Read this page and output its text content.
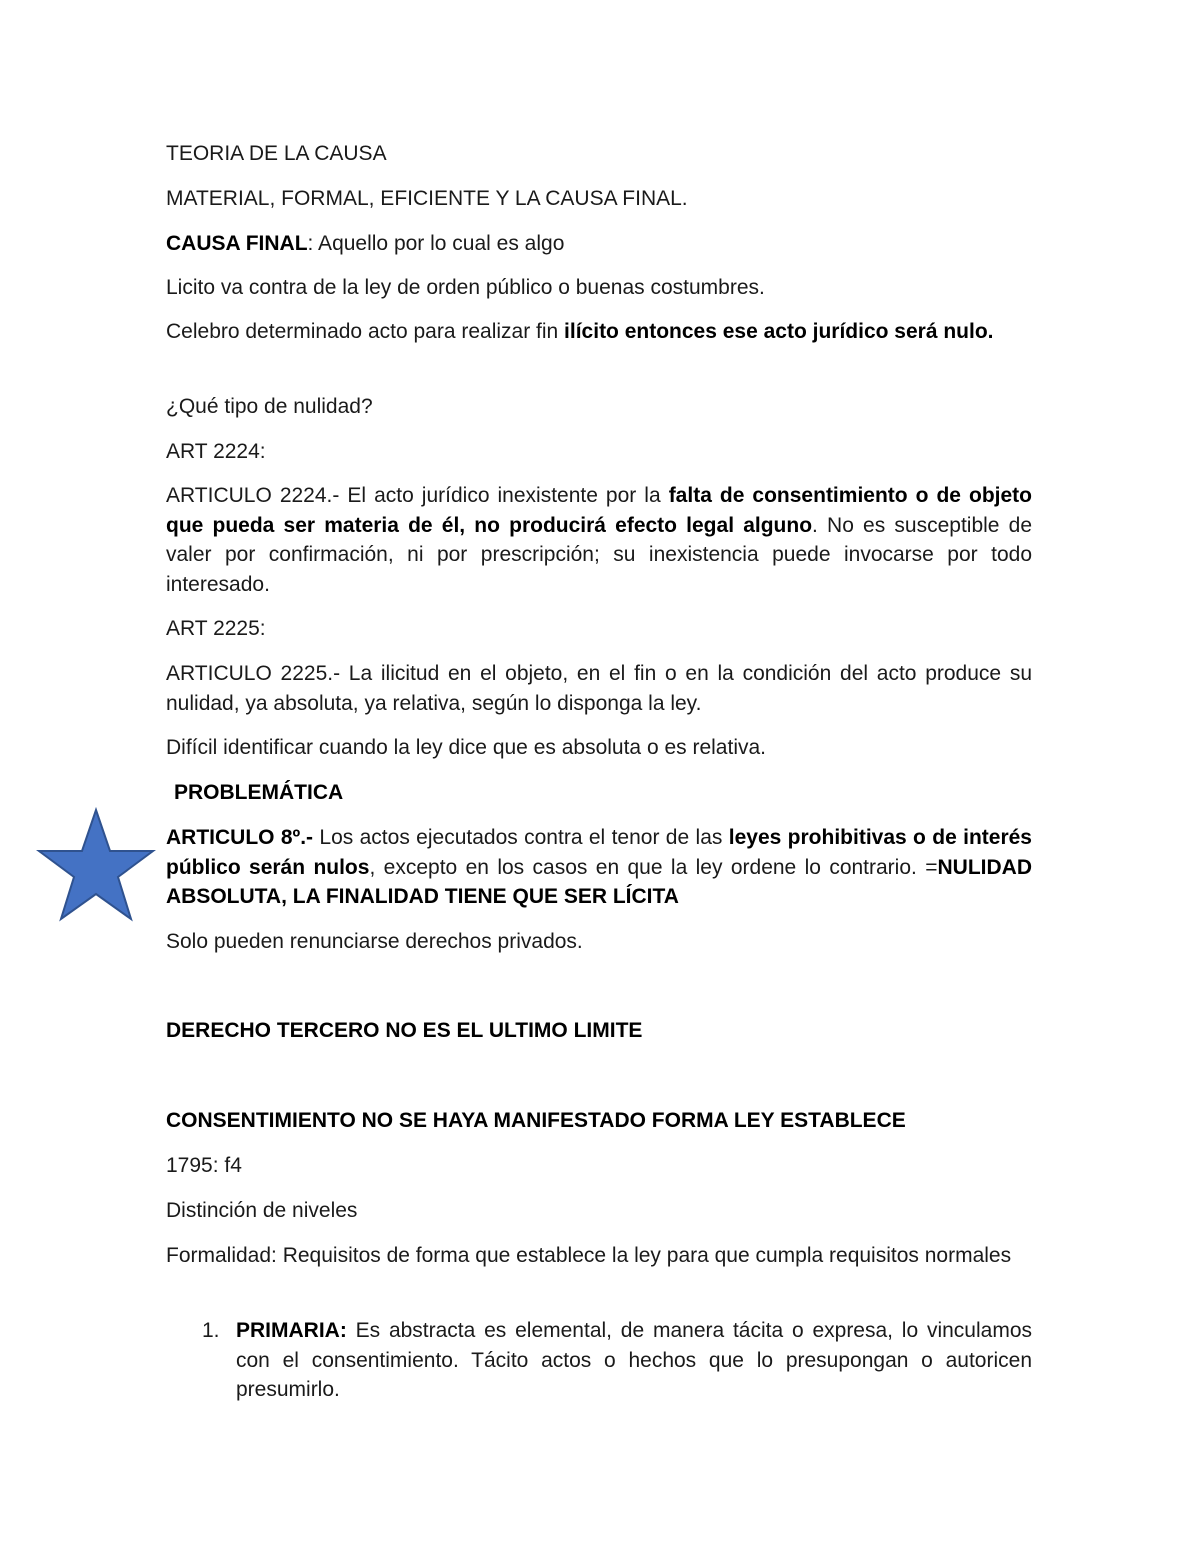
TEORIA DE LA CAUSA

MATERIAL, FORMAL, EFICIENTE Y LA CAUSA FINAL.

CAUSA FINAL: Aquello por lo cual es algo

Licito va contra de la ley de orden público o buenas costumbres.

Celebro determinado acto para realizar fin ilícito entonces ese acto jurídico será nulo.

¿Qué tipo de nulidad?

ART 2224:

ARTICULO 2224.- El acto jurídico inexistente por la falta de consentimiento o de objeto que pueda ser materia de él, no producirá efecto legal alguno. No es susceptible de valer por confirmación, ni por prescripción; su inexistencia puede invocarse por todo interesado.

ART 2225:

ARTICULO 2225.- La ilicitud en el objeto, en el fin o en la condición del acto produce su nulidad, ya absoluta, ya relativa, según lo disponga la ley.

Difícil identificar cuando la ley dice que es absoluta o es relativa.

PROBLEMÁTICA

ARTICULO 8º.- Los actos ejecutados contra el tenor de las leyes prohibitivas o de interés público serán nulos, excepto en los casos en que la ley ordene lo contrario. =NULIDAD ABSOLUTA, LA FINALIDAD TIENE QUE SER LÍCITA

Solo pueden renunciarse derechos privados.

DERECHO TERCERO NO ES EL ULTIMO LIMITE

CONSENTIMIENTO NO SE HAYA MANIFESTADO FORMA LEY ESTABLECE

1795: f4

Distinción de niveles

Formalidad: Requisitos de forma que establece la ley para que cumpla requisitos normales

1. PRIMARIA: Es abstracta es elemental, de manera tácita o expresa, lo vinculamos con el consentimiento. Tácito actos o hechos que lo presupongan o autoricen presumirlo.
